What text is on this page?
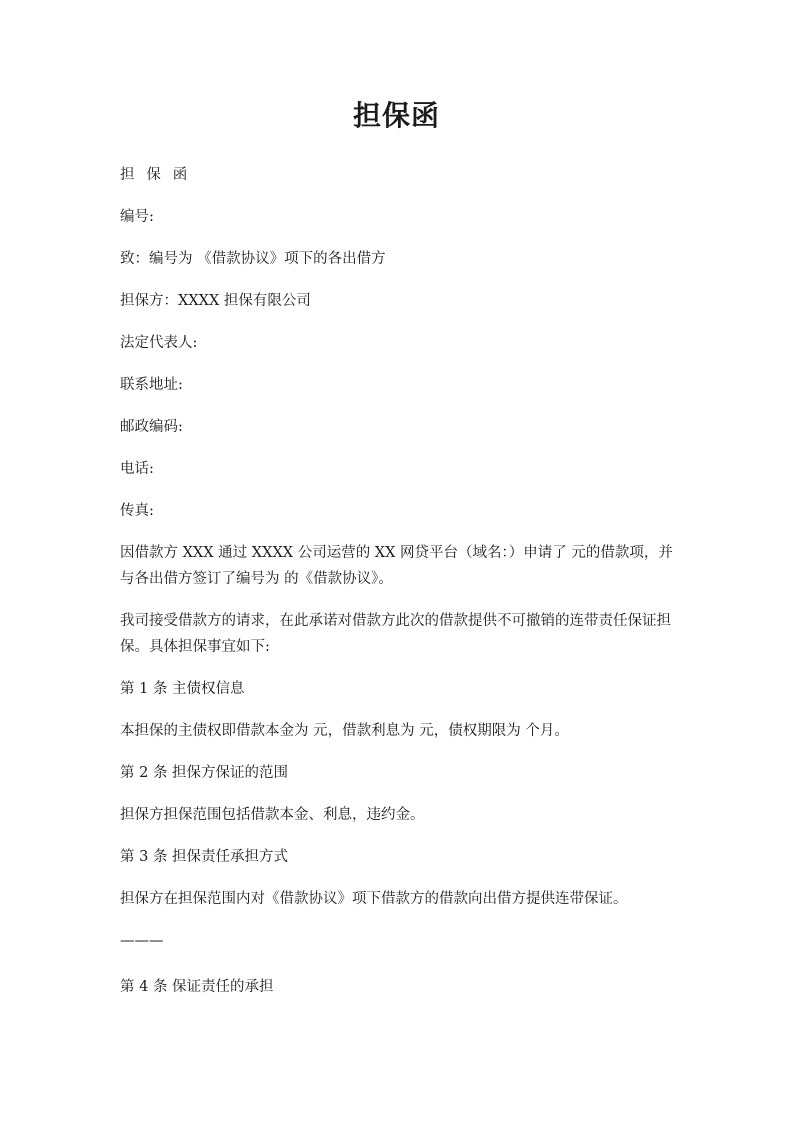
担保函

担 保 函

编号:

致：编号为 《借款协议》项下的各出借方

担保方：XXXX 担保有限公司

法定代表人:

联系地址:

邮政编码:

电话:

传真:

因借款方 XXX 通过 XXXX 公司运营的 XX 网贷平台（域名：）申请了 元的借款项，并与各出借方签订了编号为 的《借款协议》。

我司接受借款方的请求，在此承诺对借款方此次的借款提供不可撤销的连带责任保证担保。具体担保事宜如下:

第 1 条 主债权信息

本担保的主债权即借款本金为 元，借款利息为 元，债权期限为 个月。

第 2 条 担保方保证的范围

担保方担保范围包括借款本金、利息，违约金。

第 3 条 担保责任承担方式

担保方在担保范围内对《借款协议》项下借款方的借款向出借方提供连带保证。

———

第 4 条 保证责任的承担
